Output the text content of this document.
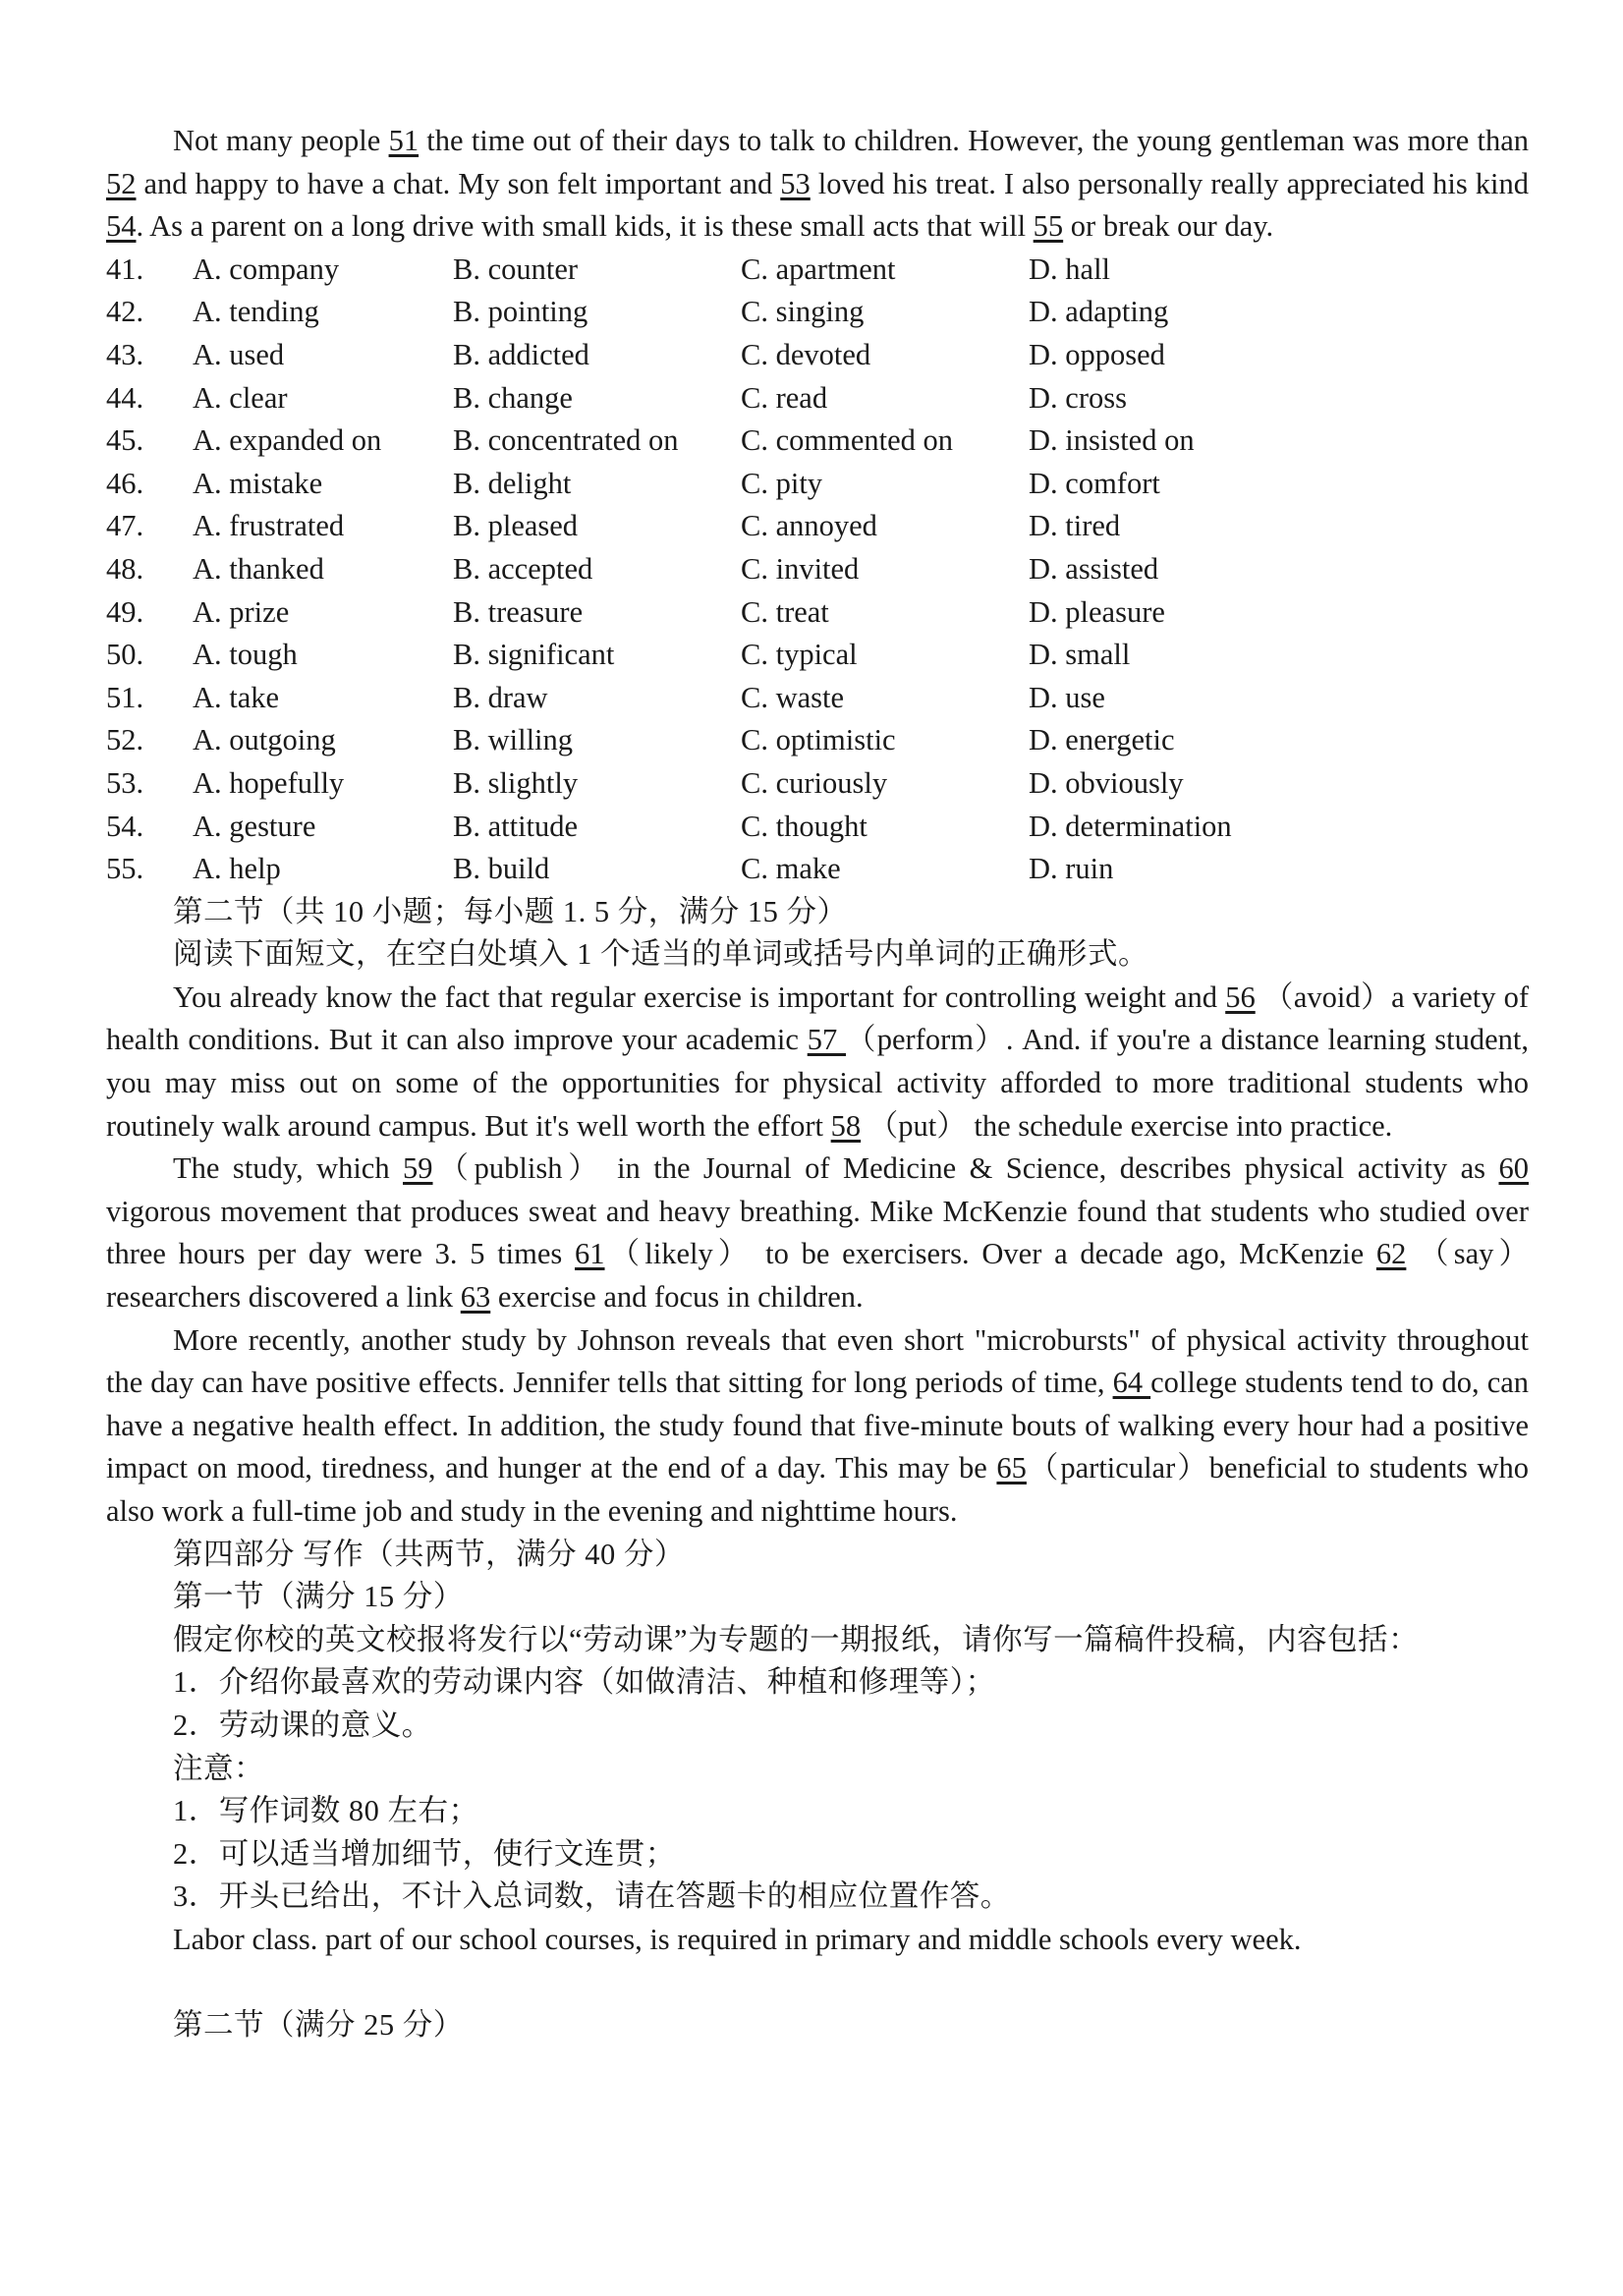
Not many people 51 the time out of their days to talk to children. However, the young gentleman was more than 52 and happy to have a chat. My son felt important and 53 loved his treat. I also personally really appreciated his kind 54. As a parent on a long drive with small kids, it is these small acts that will 55 or break our day.

41.	A. company	B. counter	C. apartment	D. hall
42.	A. tending	B. pointing	C. singing	D. adapting
43.	A. used	B. addicted	C. devoted	D. opposed
44.	A. clear	B. change	C. read	D. cross
45.	A. expanded on	B. concentrated on	C. commented on	D. insisted on
46.	A. mistake	B. delight	C. pity	D. comfort
47.	A. frustrated	B. pleased	C. annoyed	D. tired
48.	A. thanked	B. accepted	C. invited	D. assisted
49.	A. prize	B. treasure	C. treat	D. pleasure
50.	A. tough	B. significant	C. typical	D. small
51.	A. take	B. draw	C. waste	D. use
52.	A. outgoing	B. willing	C. optimistic	D. energetic
53.	A. hopefully	B. slightly	C. curiously	D. obviously
54.	A. gesture	B. attitude	C. thought	D. determination
55.	A. help	B. build	C. make	D. ruin

第二节（共 10 小题；每小题 1. 5 分，满分 15 分）

阅读下面短文，在空白处填入 1 个适当的单词或括号内单词的正确形式。

You already know the fact that regular exercise is important for controlling weight and 56 （avoid）a variety of health conditions. But it can also improve your academic 57 （perform）. And. if you're a distance learning student, you may miss out on some of the opportunities for physical activity afforded to more traditional students who routinely walk around campus. But it's well worth the effort 58 （put） the schedule exercise into practice.

The study, which 59（publish） in the Journal of Medicine & Science, describes physical activity as 60 vigorous movement that produces sweat and heavy breathing. Mike McKenzie found that students who studied over three hours per day were 3. 5 times 61（likely） to be exercisers. Over a decade ago, McKenzie 62 （say） researchers discovered a link 63 exercise and focus in children.

More recently, another study by Johnson reveals that even short "microbursts" of physical activity throughout the day can have positive effects. Jennifer tells that sitting for long periods of time, 64 college students tend to do, can have a negative health effect. In addition, the study found that five-minute bouts of walking every hour had a positive impact on mood, tiredness, and hunger at the end of a day. This may be 65（particular）beneficial to students who also work a full-time job and study in the evening and nighttime hours.

第四部分 写作（共两节，满分 40 分）

第一节（满分 15 分）

假定你校的英文校报将发行以“劳动课”为专题的一期报纸，请你写一篇稿件投稿，内容包括：

1．介绍你最喜欢的劳动课内容（如做清洁、种植和修理等）；

2．劳动课的意义。

注意：

1．写作词数 80 左右；

2．可以适当增加细节，使行文连贯；

3．开头已给出，不计入总词数，请在答题卡的相应位置作答。

Labor class. part of our school courses, is required in primary and middle schools every week.

第二节（满分 25 分）
